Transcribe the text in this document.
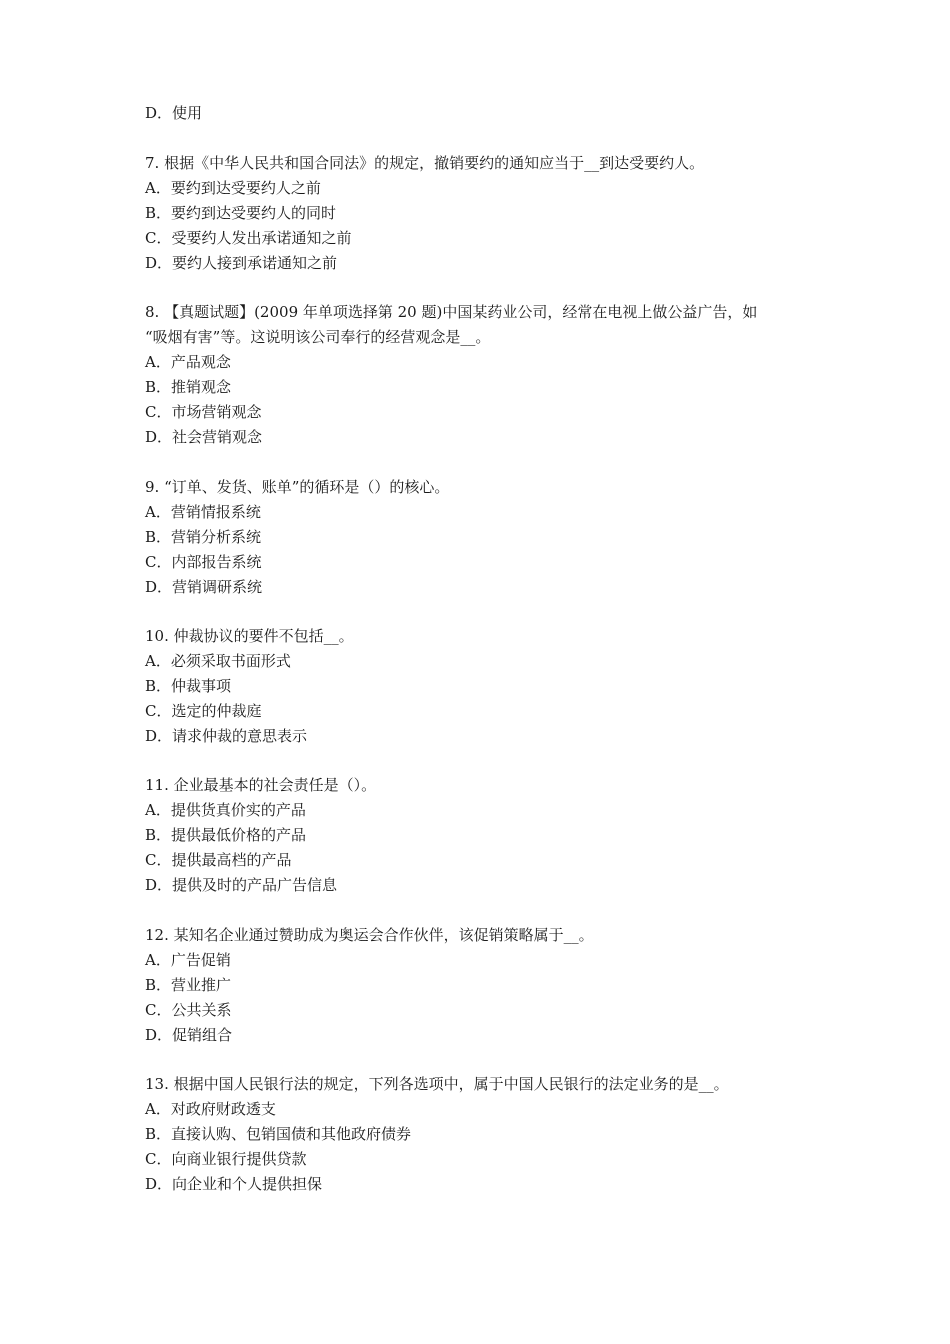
D．使用
7. 根据《中华人民共和国合同法》的规定，撤销要约的通知应当于__到达受要约人。
A．要约到达受要约人之前
B．要约到达受要约人的同时
C．受要约人发出承诺通知之前
D．要约人接到承诺通知之前
8. 【真题试题】(2009 年单项选择第 20 题)中国某药业公司，经常在电视上做公益广告，如
“吸烟有害”等。这说明该公司奉行的经营观念是__。
A．产品观念
B．推销观念
C．市场营销观念
D．社会营销观念
9. “订单、发货、账单”的循环是（）的核心。
A．营销情报系统
B．营销分析系统
C．内部报告系统
D．营销调研系统
10. 仲裁协议的要件不包括__。
A．必须采取书面形式
B．仲裁事项
C．选定的仲裁庭
D．请求仲裁的意思表示
11. 企业最基本的社会责任是（）。
A．提供货真价实的产品
B．提供最低价格的产品
C．提供最高档的产品
D．提供及时的产品广告信息
12. 某知名企业通过赞助成为奥运会合作伙伴，该促销策略属于__。
A．广告促销
B．营业推广
C．公共关系
D．促销组合
13. 根据中国人民银行法的规定，下列各选项中，属于中国人民银行的法定业务的是__。
A．对政府财政透支
B．直接认购、包销国债和其他政府债券
C．向商业银行提供贷款
D．向企业和个人提供担保
